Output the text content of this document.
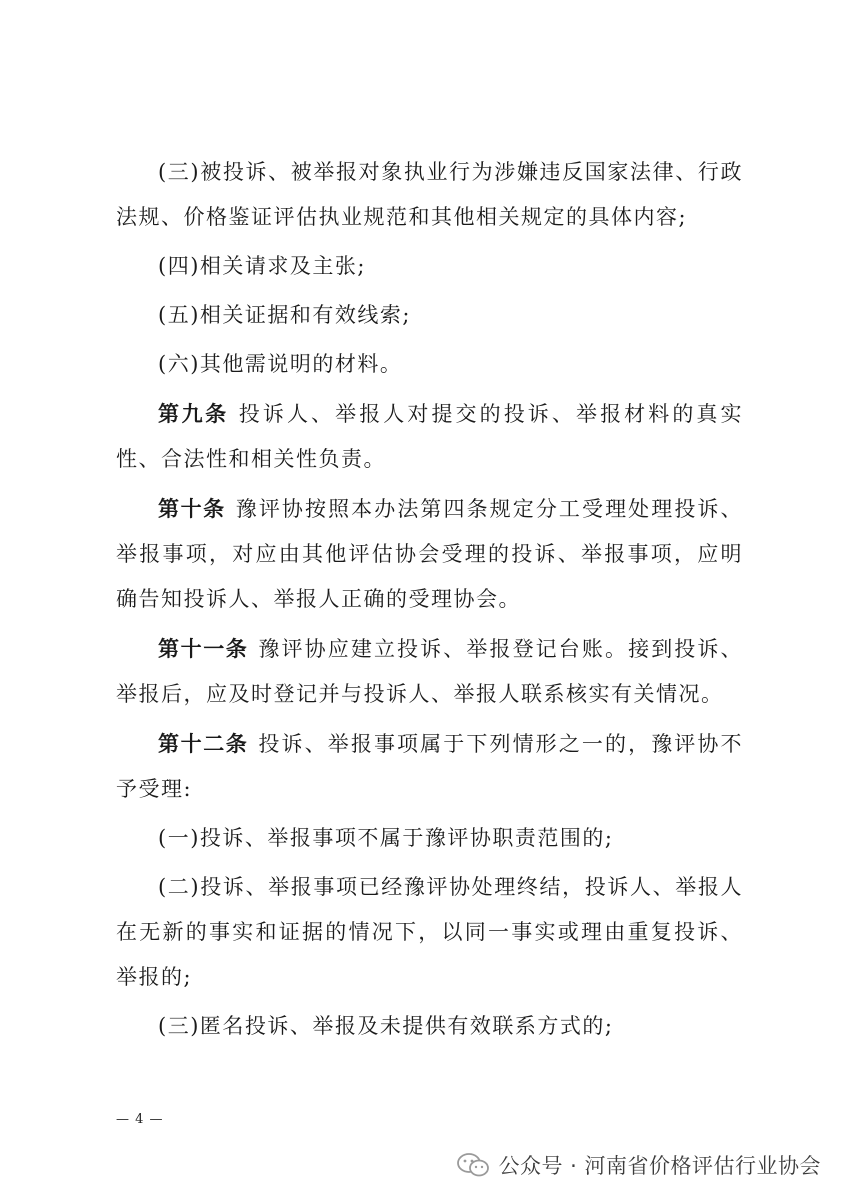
(三)被投诉、被举报对象执业行为涉嫌违反国家法律、行政法规、价格鉴证评估执业规范和其他相关规定的具体内容;

(四)相关请求及主张;

(五)相关证据和有效线索;

(六)其他需说明的材料。

第九条 投诉人、举报人对提交的投诉、举报材料的真实性、合法性和相关性负责。

第十条 豫评协按照本办法第四条规定分工受理处理投诉、举报事项，对应由其他评估协会受理的投诉、举报事项，应明确告知投诉人、举报人正确的受理协会。

第十一条 豫评协应建立投诉、举报登记台账。接到投诉、举报后，应及时登记并与投诉人、举报人联系核实有关情况。

第十二条 投诉、举报事项属于下列情形之一的，豫评协不予受理:

(一)投诉、举报事项不属于豫评协职责范围的;

(二)投诉、举报事项已经豫评协处理终结，投诉人、举报人在无新的事实和证据的情况下，以同一事实或理由重复投诉、举报的;

(三)匿名投诉、举报及未提供有效联系方式的;

— 4 —
公众号 · 河南省价格评估行业协会
